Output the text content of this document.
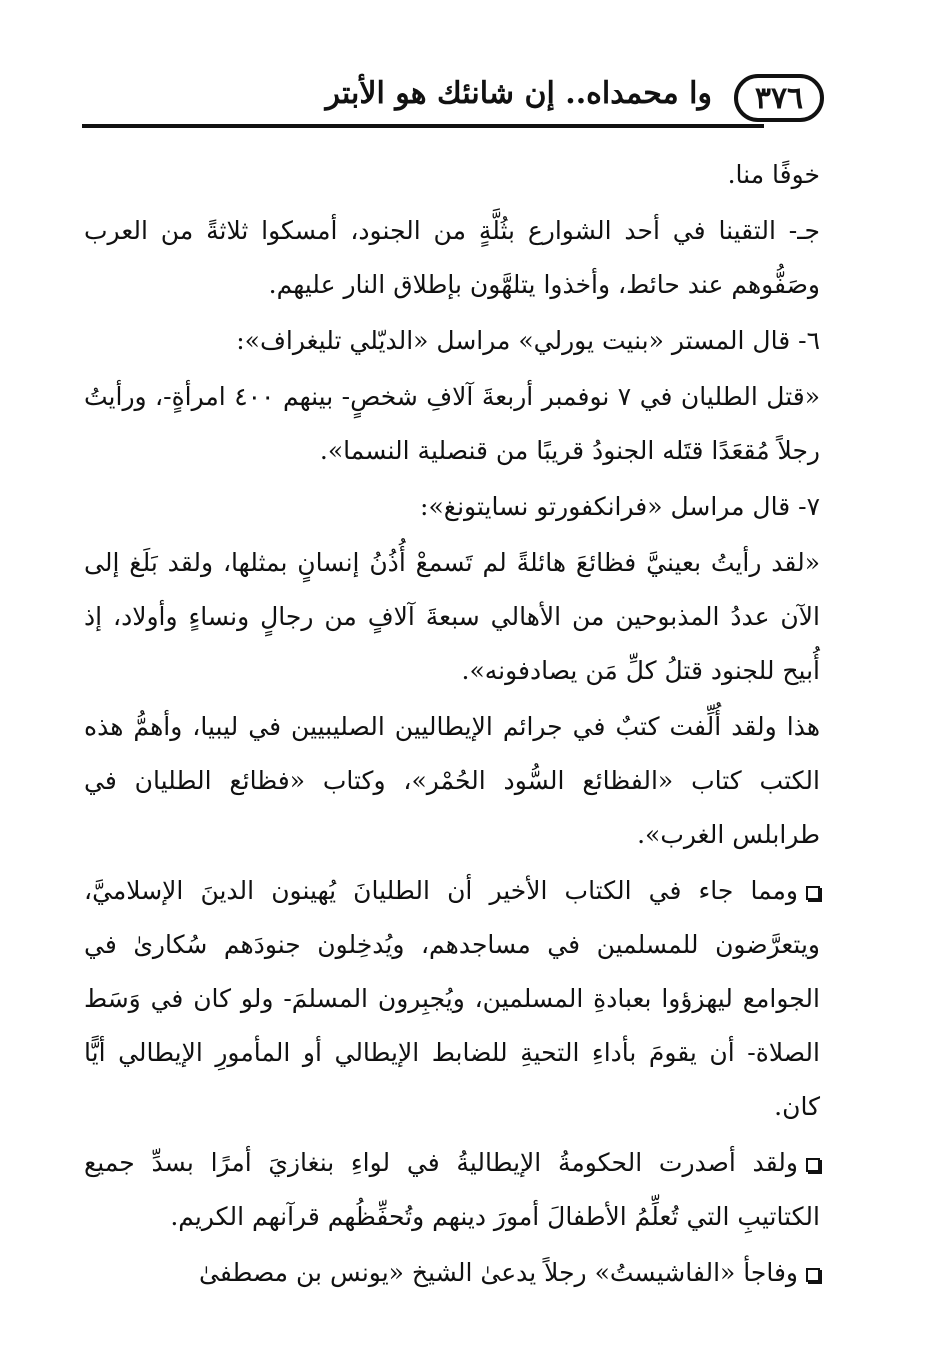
٣٧٦
وا محمداه.. إن شانئك هو الأبتر

خوفًا منا.

جـ- التقينا في أحد الشوارع بثُلَّةٍ من الجنود، أمسكوا ثلاثةً من العرب وصَفُّوهم عند حائط، وأخذوا يتلهَّون بإطلاق النار عليهم.

٦- قال المستر «بنيت يورلي» مراسل «الديّلي تليغراف»:

«قتل الطليان في ٧ نوفمبر أربعةَ آلافِ شخصٍ- بينهم ٤٠٠ امرأةٍ-، ورأيتُ رجلاً مُقعَدًا قتَله الجنودُ قريبًا من قنصلية النسما».

٧- قال مراسل «فرانكفورتو نسايتونغ»:

«لقد رأيتُ بعينيَّ فظائعَ هائلةً لم تَسمعْ أُذُنُ إنسانٍ بمثلها، ولقد بَلَغ إلى الآن عددُ المذبوحين من الأهالي سبعةَ آلافٍ من رجالٍ ونساءٍ وأولاد، إذ أُبيح للجنود قتلُ كلِّ مَن يصادفونه».

هذا ولقد أُلِّفت كتبٌ في جرائم الإيطاليين الصليبيين في ليبيا، وأهمُّ هذه الكتب كتاب «الفظائع السُّود الحُمْر»، وكتاب «فظائع الطليان في طرابلس الغرب».

ومما جاء في الكتاب الأخير أن الطليانَ يُهينون الدينَ الإسلاميَّ، ويتعرَّضون للمسلمين في مساجدهم، ويُدخِلون جنودَهم سُكارىٰ في الجوامع ليهزؤوا بعبادةِ المسلمين، ويُجبِرون المسلمَ- ولو كان في وَسَط الصلاة- أن يقومَ بأداءِ التحيةِ للضابط الإيطالي أو المأمورِ الإيطالي أيًّا كان.

ولقد أصدرت الحكومةُ الإيطاليةُ في لواءِ بنغازيَ أمرًا بسدِّ جميع الكتاتيبِ التي تُعلِّمُ الأطفالَ أمورَ دينهم وتُحفِّظُهم قرآنهم الكريم.

وفاجأ «الفاشيستُ» رجلاً يدعىٰ الشيخ «يونس بن مصطفىٰ
